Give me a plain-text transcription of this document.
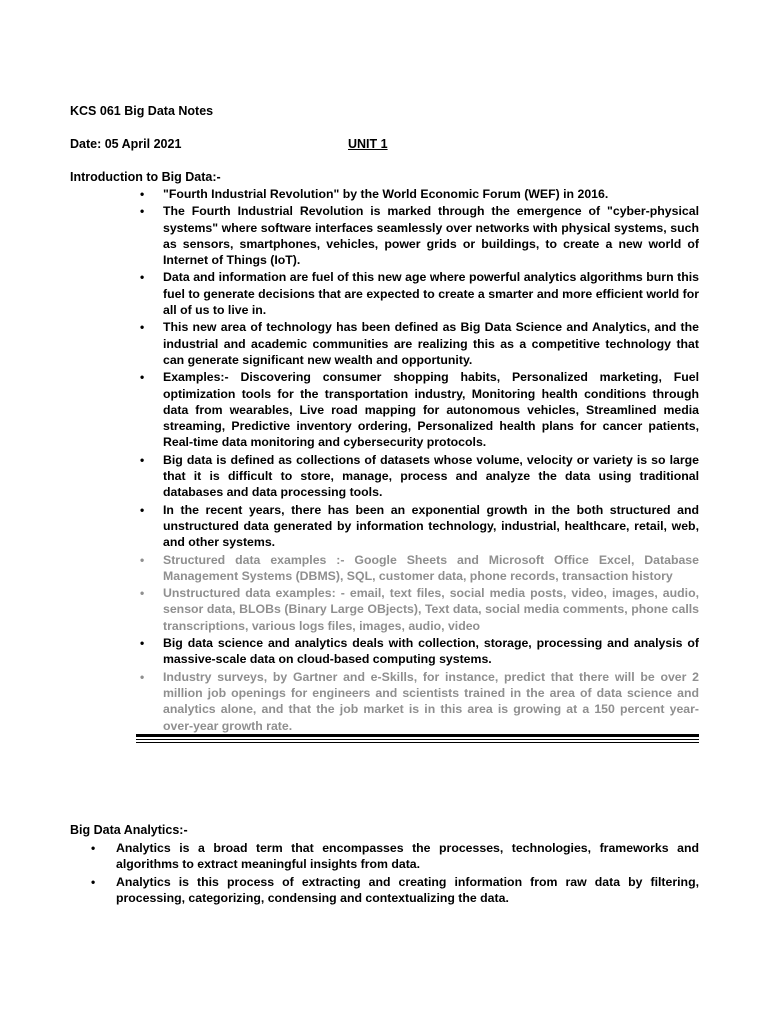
KCS 061 Big Data Notes
Date: 05 April 2021	UNIT 1
Introduction to Big Data:-
• "Fourth Industrial Revolution" by the World Economic Forum (WEF) in 2016.
• The Fourth Industrial Revolution is marked through the emergence of "cyber-physical systems" where software interfaces seamlessly over networks with physical systems, such as sensors, smartphones, vehicles, power grids or buildings, to create a new world of Internet of Things (IoT).
• Data and information are fuel of this new age where powerful analytics algorithms burn this fuel to generate decisions that are expected to create a smarter and more efficient world for all of us to live in.
• This new area of technology has been defined as Big Data Science and Analytics, and the industrial and academic communities are realizing this as a competitive technology that can generate significant new wealth and opportunity.
• Examples:- Discovering consumer shopping habits, Personalized marketing, Fuel optimization tools for the transportation industry, Monitoring health conditions through data from wearables, Live road mapping for autonomous vehicles, Streamlined media streaming, Predictive inventory ordering, Personalized health plans for cancer patients, Real-time data monitoring and cybersecurity protocols.
• Big data is defined as collections of datasets whose volume, velocity or variety is so large that it is difficult to store, manage, process and analyze the data using traditional databases and data processing tools.
• In the recent years, there has been an exponential growth in the both structured and unstructured data generated by information technology, industrial, healthcare, retail, web, and other systems.
• Structured data examples :- Google Sheets and Microsoft Office Excel, Database Management Systems (DBMS), SQL, customer data, phone records, transaction history
• Unstructured data examples: - email, text files, social media posts, video, images, audio, sensor data, BLOBs (Binary Large OBjects), Text data, social media comments, phone calls transcriptions, various logs files, images, audio, video
• Big data science and analytics deals with collection, storage, processing and analysis of massive-scale data on cloud-based computing systems.
• Industry surveys, by Gartner and e-Skills, for instance, predict that there will be over 2 million job openings for engineers and scientists trained in the area of data science and analytics alone, and that the job market is in this area is growing at a 150 percent year-over-year growth rate.
Big Data Analytics:-
• Analytics is a broad term that encompasses the processes, technologies, frameworks and algorithms to extract meaningful insights from data.
• Analytics is this process of extracting and creating information from raw data by filtering, processing, categorizing, condensing and contextualizing the data.
